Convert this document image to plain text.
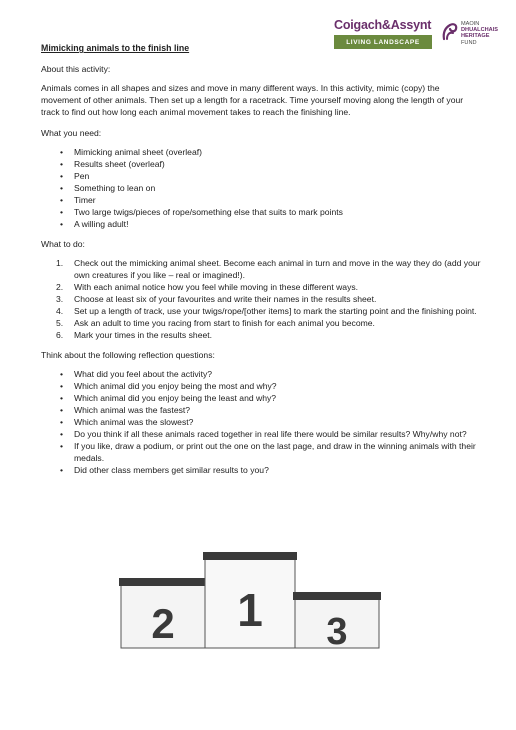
Coigach&Assynt
LIVING LANDSCAPE
MAOIN
DHUALCHAIS
HERITAGE
FUND
Mimicking animals to the finish line
About this activity:

Animals comes in all shapes and sizes and move in many different ways. In this activity, mimic (copy) the movement of other animals. Then set up a length for a racetrack. Time yourself moving along the length of your track to find out how long each animal movement takes to reach the finishing line.

What you need:
• Mimicking animal sheet (overleaf)
• Results sheet (overleaf)
• Pen
• Something to lean on
• Timer
• Two large twigs/pieces of rope/something else that suits to mark points
• A willing adult!
What to do:
1. Check out the mimicking animal sheet. Become each animal in turn and move in the way they do (add your own creatures if you like – real or imagined!).
2. With each animal notice how you feel while moving in these different ways.
3. Choose at least six of your favourites and write their names in the results sheet.
4. Set up a length of track, use your twigs/rope/[other items] to mark the starting point and the finishing point.
5. Ask an adult to time you racing from start to finish for each animal you become.
6. Mark your times in the results sheet.
Think about the following reflection questions:
• What did you feel about the activity?
• Which animal did you enjoy being the most and why?
• Which animal did you enjoy being the least and why?
• Which animal was the fastest?
• Which animal was the slowest?
• Do you think if all these animals raced together in real life there would be similar results? Why/why not?
• If you like, draw a podium, or print out the one on the last page, and draw in the winning animals with their medals.
• Did other class members get similar results to you?
2 1 3
